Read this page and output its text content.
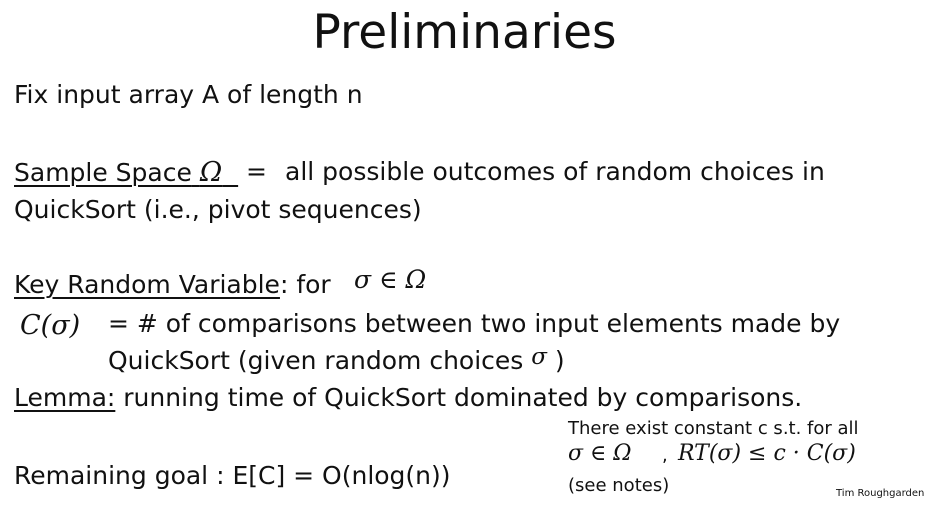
Preliminaries
Fix input array A of length n
Sample Space Ω = all possible outcomes of random choices in
QuickSort (i.e., pivot sequences)
Key Random Variable: for σ ∈ Ω
C(σ) = # of comparisons between two input elements made by
QuickSort (given random choices σ )
Lemma: running time of QuickSort dominated by comparisons.
Remaining goal : E[C] = O(nlog(n))
There exist constant c s.t. for all
σ ∈ Ω , RT(σ) ≤ c · C(σ)
(see notes)	Tim Roughgarden
